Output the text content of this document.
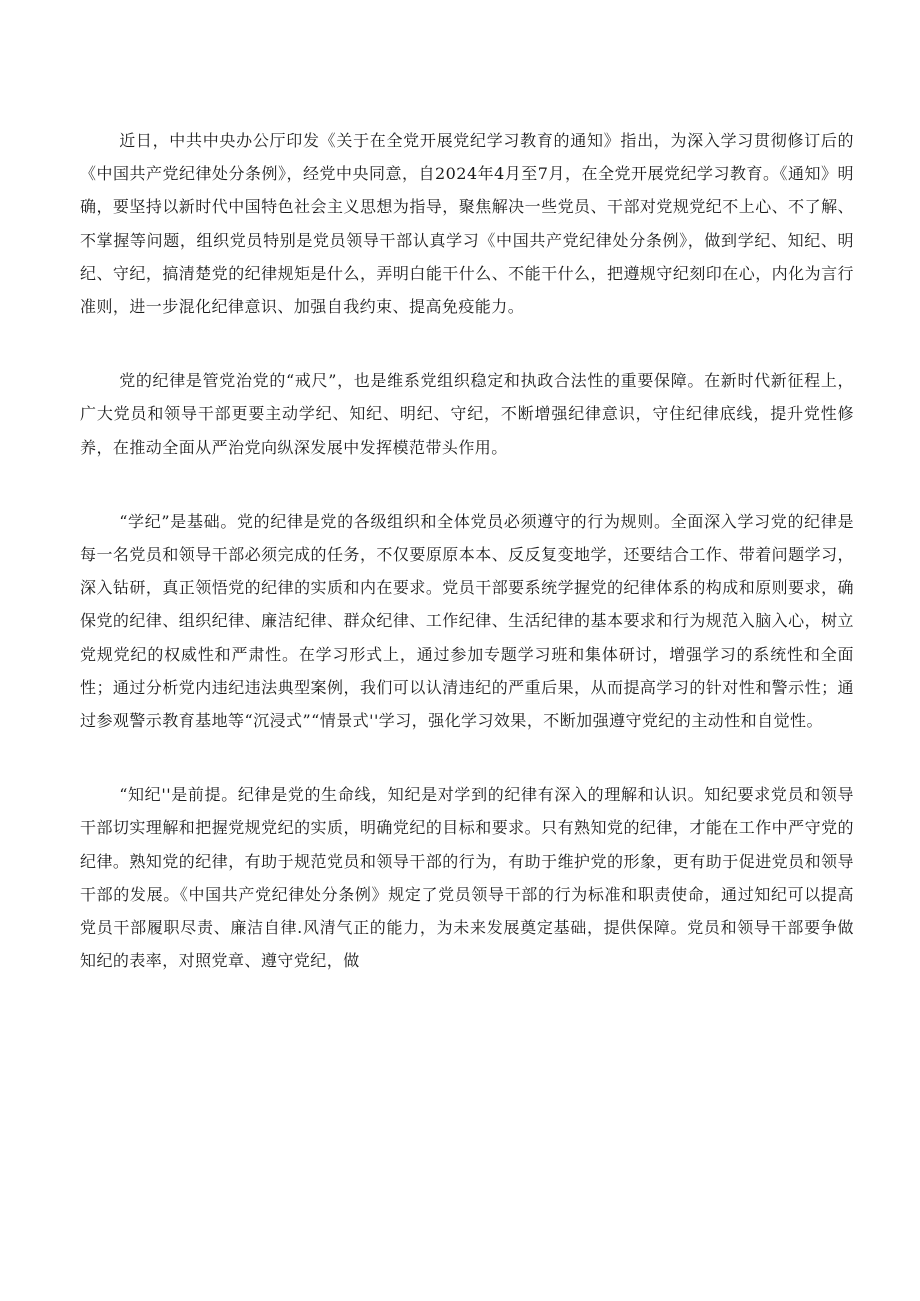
近日，中共中央办公厅印发《关于在全党开展党纪学习教育的通知》指出，为深入学习贯彻修订后的《中国共产党纪律处分条例》，经党中央同意，自2024年4月至7月，在全党开展党纪学习教育。《通知》明确，要坚持以新时代中国特色社会主义思想为指导，聚焦解决一些党员、干部对党规党纪不上心、不了解、不掌握等问题，组织党员特别是党员领导干部认真学习《中国共产党纪律处分条例》，做到学纪、知纪、明纪、守纪，搞清楚党的纪律规矩是什么，弄明白能干什么、不能干什么，把遵规守纪刻印在心，内化为言行准则，进一步混化纪律意识、加强自我约束、提高免疫能力。

党的纪律是管党治党的“戒尺”，也是维系党组织稳定和执政合法性的重要保障。在新时代新征程上，广大党员和领导干部更要主动学纪、知纪、明纪、守纪，不断增强纪律意识，守住纪律底线，提升党性修养，在推动全面从严治党向纵深发展中发挥模范带头作用。

“学纪”是基础。党的纪律是党的各级组织和全体党员必须遵守的行为规则。全面深入学习党的纪律是每一名党员和领导干部必须完成的任务，不仅要原原本本、反反复变地学，还要结合工作、带着问题学习，深入钻研，真正领悟党的纪律的实质和内在要求。党员干部要系统学握党的纪律体系的构成和原则要求，确保党的纪律、组织纪律、廉洁纪律、群众纪律、工作纪律、生活纪律的基本要求和行为规范入脑入心，树立党规党纪的权威性和严肃性。在学习形式上，通过参加专题学习班和集体研讨，增强学习的系统性和全面性；通过分析党内违纪违法典型案例，我们可以认清违纪的严重后果，从而提高学习的针对性和警示性；通过参观警示教育基地等“沉浸式”“情景式''学习，强化学习效果，不断加强遵守党纪的主动性和自觉性。

“知纪''是前提。纪律是党的生命线，知纪是对学到的纪律有深入的理解和认识。知纪要求党员和领导干部切实理解和把握党规党纪的实质，明确党纪的目标和要求。只有熟知党的纪律，才能在工作中严守党的纪律。熟知党的纪律，有助于规范党员和领导干部的行为，有助于维护党的形象，更有助于促进党员和领导干部的发展。《中国共产党纪律处分条例》规定了党员领导干部的行为标准和职责使命，通过知纪可以提高党员干部履职尽责、廉洁自律.风清气正的能力，为未来发展奠定基础，提供保障。党员和领导干部要争做知纪的表率，对照党章、遵守党纪，做
